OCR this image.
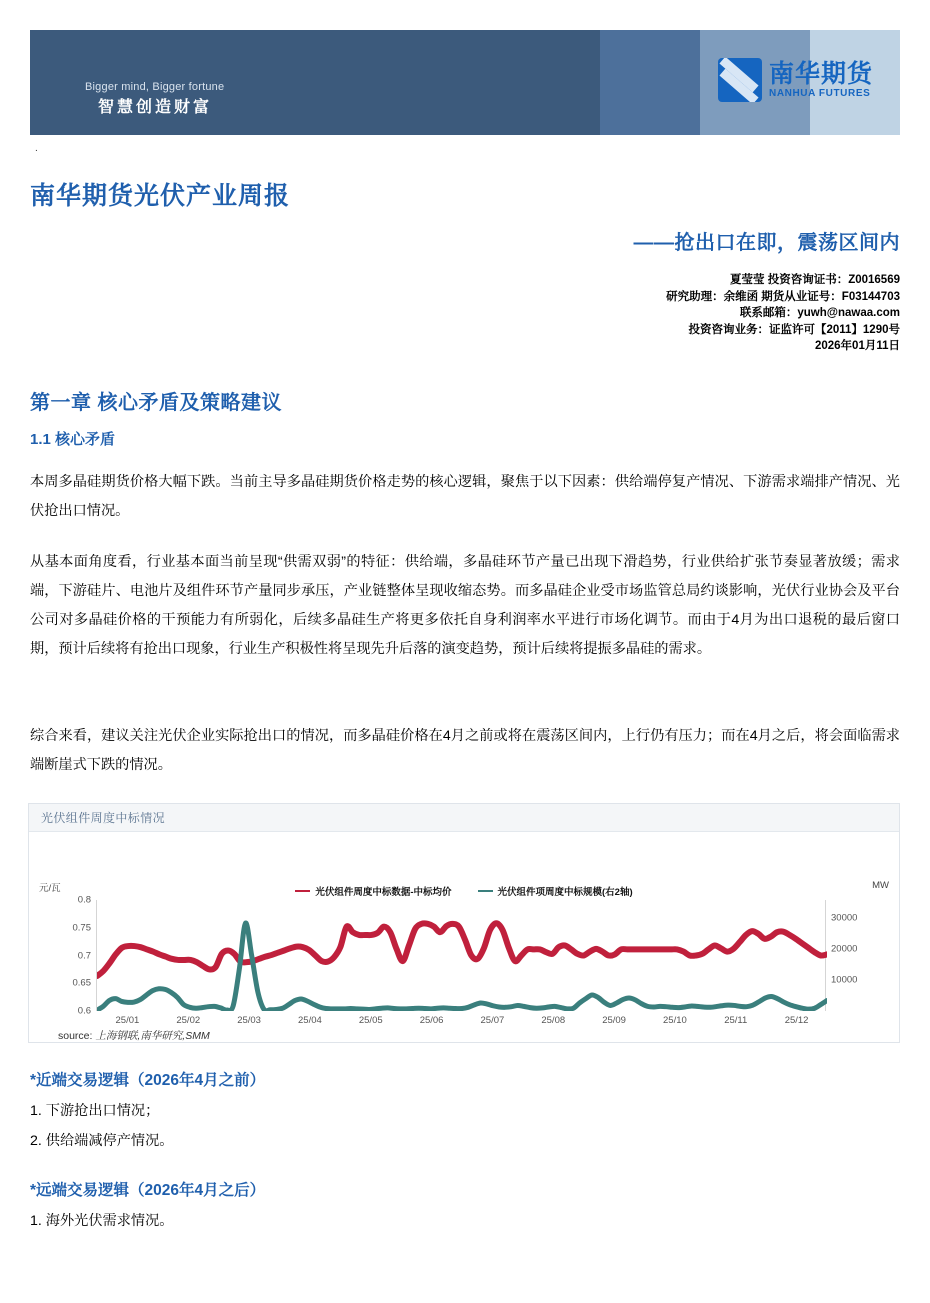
Bigger mind, Bigger fortune
智慧创造财富
南华期货
NANHUA FUTURES
.
南华期货光伏产业周报
——抢出口在即，震荡区间内
夏莹莹 投资咨询证书：Z0016569
研究助理：余维函 期货从业证号：F03144703
联系邮箱：yuwh@nawaa.com
投资咨询业务：证监许可【2011】1290号
2026年01月11日
第一章 核心矛盾及策略建议
1.1 核心矛盾

本周多晶硅期货价格大幅下跌。当前主导多晶硅期货价格走势的核心逻辑，聚焦于以下因素：供给端停复产情况、下游需求端排产情况、光伏抢出口情况。

从基本面角度看，行业基本面当前呈现“供需双弱”的特征：供给端，多晶硅环节产量已出现下滑趋势，行业供给扩张节奏显著放缓；需求端，下游硅片、电池片及组件环节产量同步承压，产业链整体呈现收缩态势。而多晶硅企业受市场监管总局约谈影响，光伏行业协会及平台公司对多晶硅价格的干预能力有所弱化，后续多晶硅生产将更多依托自身利润率水平进行市场化调节。而由于4月为出口退税的最后窗口期，预计后续将有抢出口现象，行业生产积极性将呈现先升后落的演变趋势，预计后续将提振多晶硅的需求。

综合来看，建议关注光伏企业实际抢出口的情况，而多晶硅价格在4月之前或将在震荡区间内，上行仍有压力；而在4月之后，将会面临需求端断崖式下跌的情况。

光伏组件周度中标情况
元/瓦	MW
光伏组件周度中标数据-中标均价	光伏组件项周度中标规模(右2轴)
0.8
0.75
0.7
0.65
0.6
30000
20000
10000
25/01	25/02	25/03	25/04	25/05	25/06	25/07	25/08	25/09	25/10	25/11	25/12
source: 上海钢联,南华研究,SMM
*近端交易逻辑（2026年4月之前）

1. 下游抢出口情况；

2. 供给端减停产情况。

*远端交易逻辑（2026年4月之后）

1. 海外光伏需求情况。
